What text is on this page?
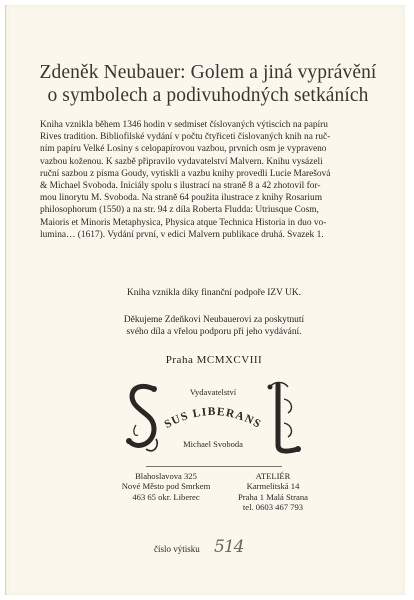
Zdeněk Neubauer: Golem a jiná vyprávění
o symbolech a podivuhodných setkáních
Kniha vznikla během 1346 hodin v sedmiset číslovaných výtiscích na papíru
Rives tradition. Bibliofilské vydání v počtu čtyřiceti číslovaných knih na ruč-
ním papíru Velké Losiny s celopapírovou vazbou, prvních osm je vypraveno
vazbou koženou. K sazbě připravilo vydavatelství Malvern. Knihu vysázeli
ruční sazbou z písma Goudy, vytiskli a vazbu knihy provedli Lucie Marešová
& Michael Svoboda. Iniciály spolu s ilustrací na straně 8 a 42 zhotovil for-
mou linorytu M. Svoboda. Na straně 64 použita ilustrace z knihy Rosarium
philosophorum (1550) a na str. 94 z díla Roberta Fludda: Utriusque Cosm,
Maioris et Minoris Metaphysica, Physica atque Technica Historia in duo vo-
lumina… (1617). Vydání první, v edici Malvern publikace druhá. Svazek 1.
Kniha vznikla díky finanční podpoře IZV UK.
Děkujeme Zdeňkovi Neubauerovi za poskytnutí
svého díla a vřelou podporu při jeho vydávání.
Praha MCMXCVIII
Vydavatelství
SUS LIBERANS
Michael Svoboda
Blahoslavova 325
Nové Město pod Smrkem
463 65 okr. Liberec
ATELIÉR
Karmelitská 14
Praha 1 Malá Strana
tel. 0603 467 793
číslo výtisku 514
